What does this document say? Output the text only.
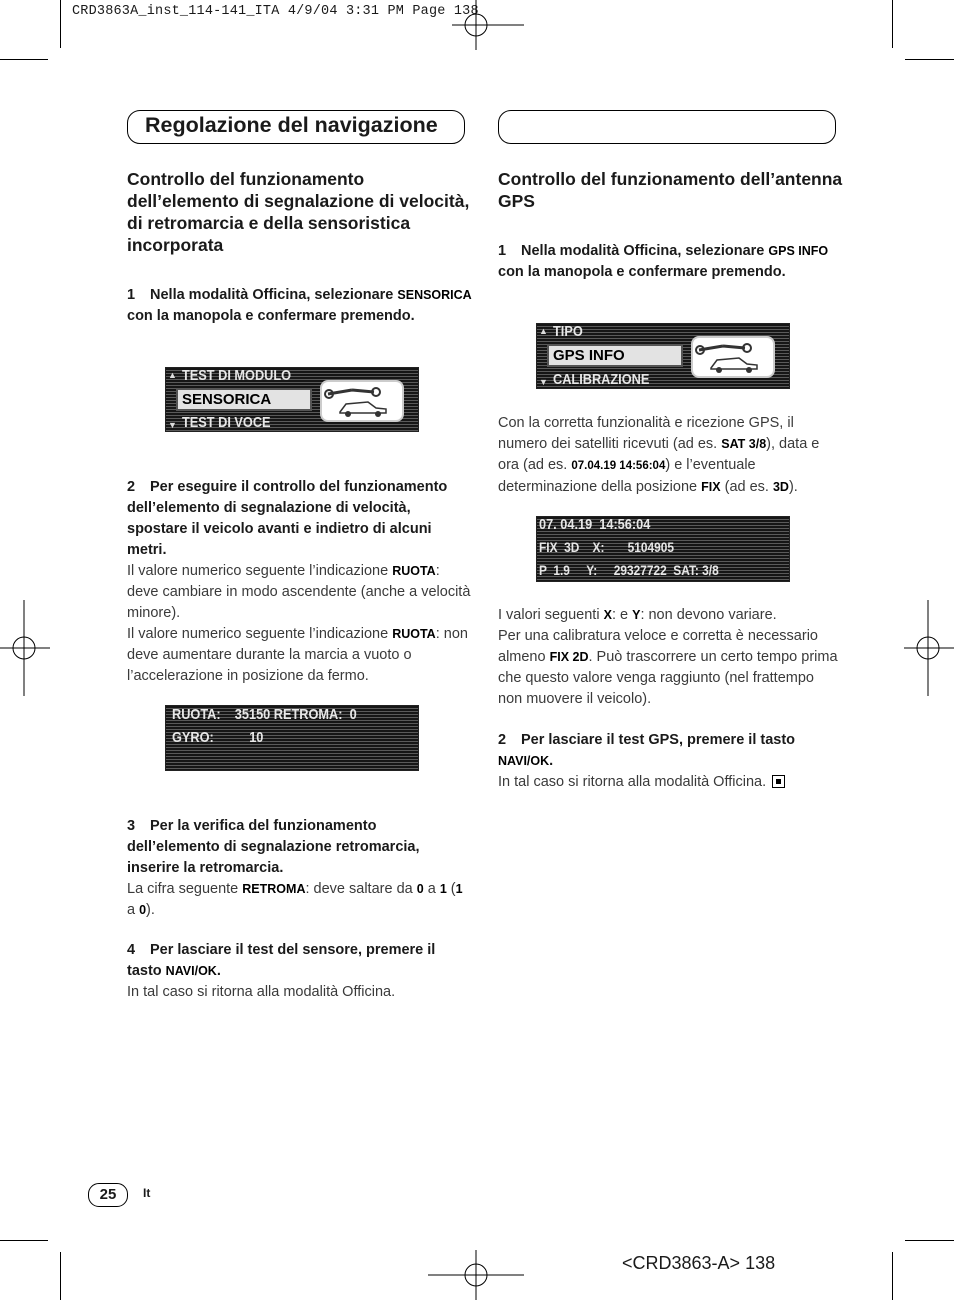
CRD3863A_inst_114-141_ITA 4/9/04 3:31 PM Page 138
Regolazione del navigazione

Controllo del funzionamento dell’elemento di segnalazione di velocità, di retromarcia e della sensoristica incorporata

1 Nella modalità Officina, selezionare SENSORICA con la manopola e confermare premendo.

▲ TEST DI MODULO
SENSORICA
▼ TEST DI VOCE

2 Per eseguire il controllo del funzionamento dell’elemento di segnalazione di velocità, spostare il veicolo avanti e indietro di alcuni metri.

Il valore numerico seguente l’indicazione RUOTA: deve cambiare in modo ascendente (anche a velocità minore).

Il valore numerico seguente l’indicazione RUOTA: non deve aumentare durante la marcia a vuoto o l’accelerazione in posizione da fermo.

RUOTA:    35150 RETROMA:  0
GYRO:          10

3 Per la verifica del funzionamento dell’elemento di segnalazione retromarcia, inserire la retromarcia.

La cifra seguente RETROMA: deve saltare da 0 a 1 (1 a 0).

4 Per lasciare il test del sensore, premere il tasto NAVI/OK.

In tal caso si ritorna alla modalità Officina.

Controllo del funzionamento dell’antenna GPS

1 Nella modalità Officina, selezionare GPS INFO con la manopola e confermare premendo.

▲ TIPO
GPS INFO
▼ CALIBRAZIONE

Con la corretta funzionalità e ricezione GPS, il numero dei satelliti ricevuti (ad es. SAT 3/8), data e ora (ad es. 07.04.19 14:56:04) e l’eventuale determinazione della posizione FIX (ad es. 3D).

07. 04.19  14:56:04
FIX  3D    X:       5104905
P  1.9     Y:     29327722  SAT: 3/8

I valori seguenti X: e Y: non devono variare.

Per una calibratura veloce e corretta è necessario almeno FIX 2D. Può trascorrere un certo tempo prima che questo valore venga raggiunto (nel frattempo non muovere il veicolo).

2 Per lasciare il test GPS, premere il tasto NAVI/OK.

In tal caso si ritorna alla modalità Officina.

25	It
<CRD3863-A> 138
